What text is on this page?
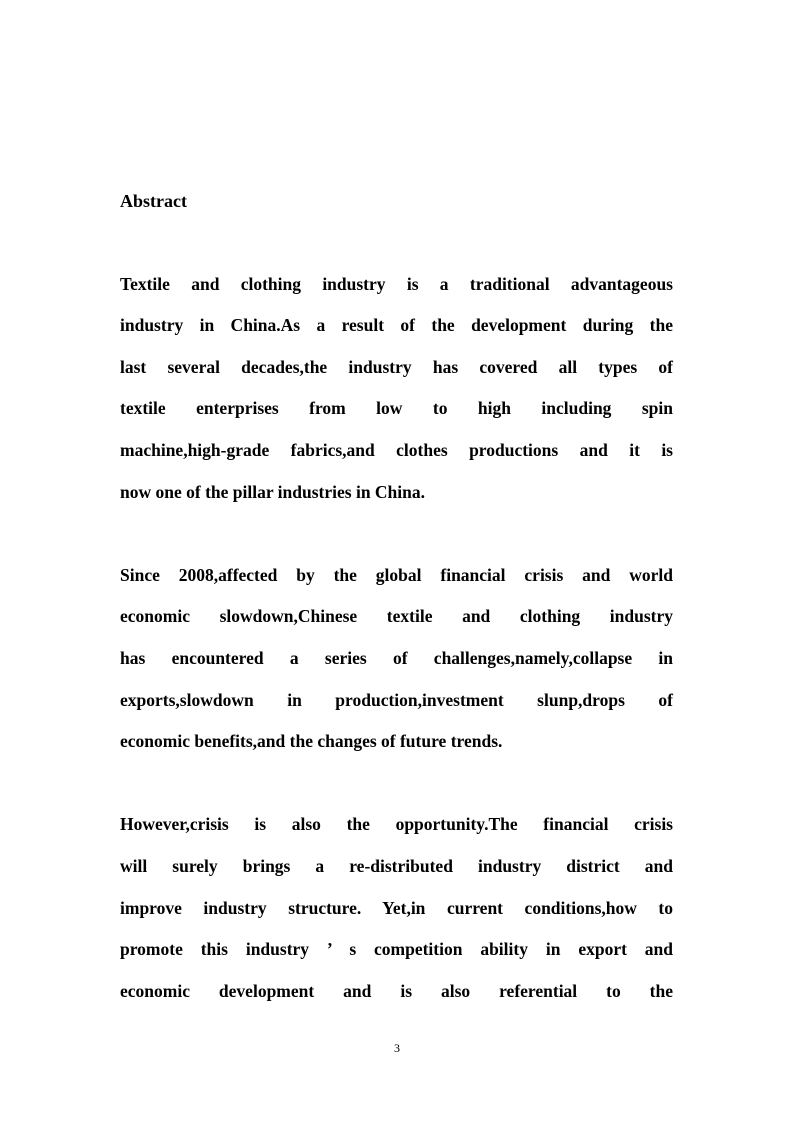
Abstract

Textile and clothing industry is a traditional advantageous
industry in China.As a result of the development during the
last several decades,the industry has covered all types of
textile enterprises from low to high including spin
machine,high-grade fabrics,and clothes productions and it is
now one of the pillar industries in China.

Since 2008,affected by the global financial crisis and world
economic slowdown,Chinese textile and clothing industry
has encountered a series of challenges,namely,collapse in
exports,slowdown in production,investment slunp,drops of
economic benefits,and the changes of future trends.

However,crisis is also the opportunity.The financial crisis
will surely brings a re-distributed industry district and
improve industry structure. Yet,in current conditions,how to
promote this industry ’ s competition ability in export and
economic development and is also referential to the

3
